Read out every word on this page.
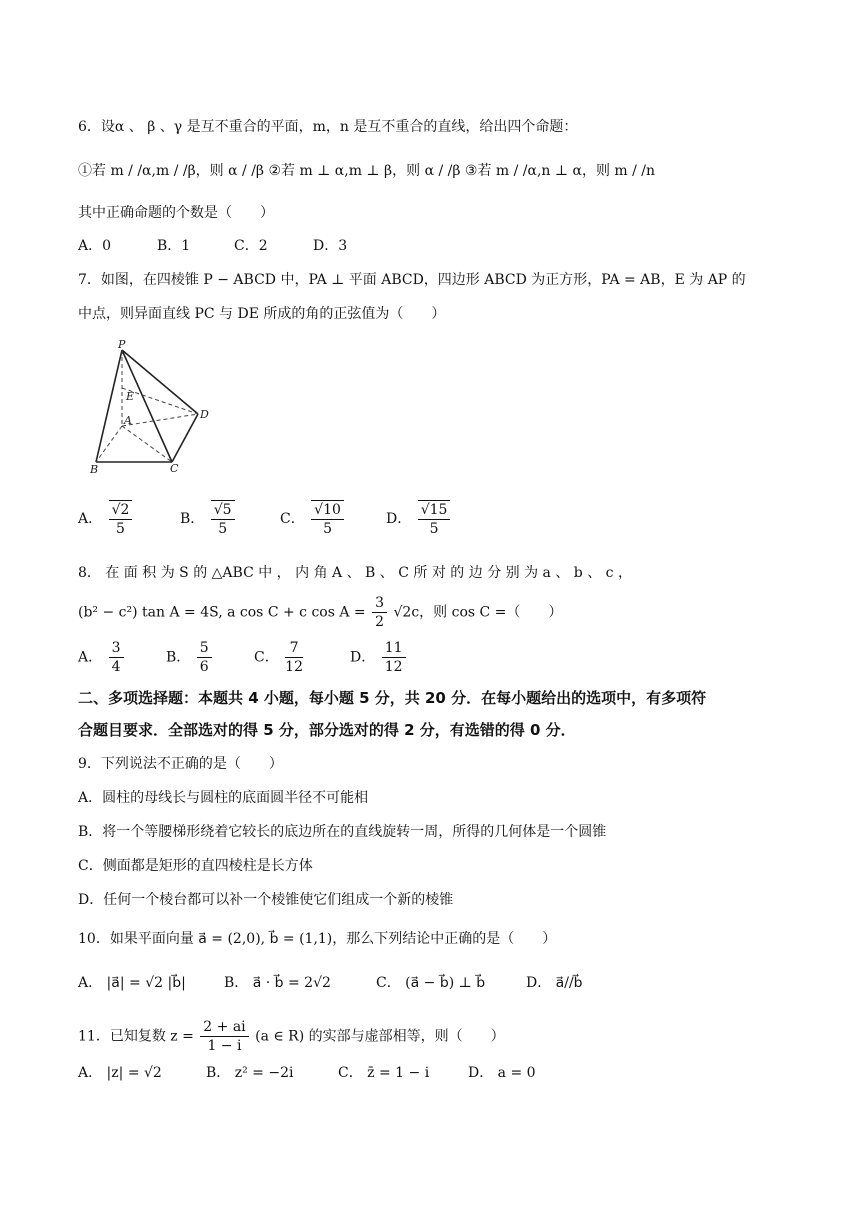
6．设α 、 β 、γ 是互不重合的平面，m，n 是互不重合的直线，给出四个命题：
①若 m / /α,m / /β，则 α / /β ②若 m ⊥ α,m ⊥ β，则 α / /β ③若 m / /α,n ⊥ α，则 m / /n
其中正确命题的个数是（　　）
A．0	B．1	C．2	D．3
7．如图，在四棱锥 P − ABCD 中，PA ⊥ 平面 ABCD，四边形 ABCD 为正方形，PA = AB，E 为 AP 的
中点，则异面直线 PC 与 DE 所成的角的正弦值为（　　）
P
E
A	D
B	C
A． $\frac{√2}{5}$	B． $\frac{√5}{5}$	C． $\frac{√10}{5}$	D． $\frac{√15}{5}$
8． 在 面 积 为 S 的 △ABC 中 ， 内 角 A 、 B 、 C 所 对 的 边 分 别 为 a 、 b 、 c ，
(b² − c²) tan A = 4S, a cos C + c $\cos A = \frac{3}{2} √2c$，则 cos C =（　　）
A． $\frac{3}{4}$	B． $\frac{5}{6}$	C． $\frac{7}{12}$	D． $\frac{11}{12}$
二、多项选择题：本题共 4 小题，每小题 5 分，共 20 分．在每小题给出的选项中，有多项符
合题目要求．全部选对的得 5 分，部分选对的得 2 分，有选错的得 0 分．
9．下列说法不正确的是（　　）
A．圆柱的母线长与圆柱的底面圆半径不可能相
B．将一个等腰梯形绕着它较长的底边所在的直线旋转一周，所得的几何体是一个圆锥
C．侧面都是矩形的直四棱柱是长方体
D．任何一个棱台都可以补一个棱锥使它们组成一个新的棱锥
10．如果平面向量 a⃗ = (2,0), b⃗ = (1,1)，那么下列结论中正确的是（　　）
A． |a⃗| = √2 |b⃗|	B． a⃗ · b⃗ = 2√2	C． (a⃗ − b⃗) ⊥ b⃗	D． a⃗//b⃗
11．已知复数 $z = \frac{2 + ai}{1 - i} (a$ ∈ R) 的实部与虚部相等，则（　　）
A． |z| = √2	B． z² = −2i	C． z̄ = 1 − i	D． a = 0
